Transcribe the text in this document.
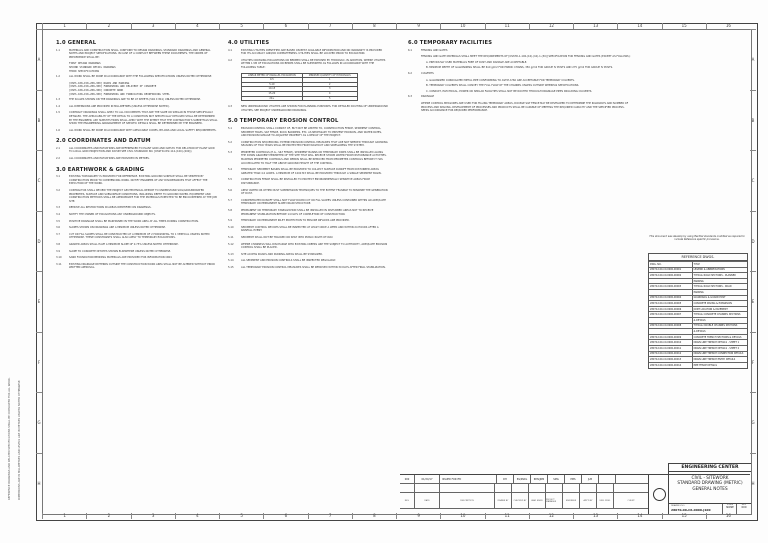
1	2	3	4	5	6	7	8	9	10	11	12	13	14	15	16
1	2	3	4	5	6	7	8	9	10	11	12	13	14	15	16
A
B
C
D
E
F
G
H
A
B
C
D
E
F
G
H
REFERENCE DRAWINGS AND RELATED SPECIFICATIONS SHALL BE CONSULTED FOR ALL WORK.	DIMENSIONS ARE IN MILLIMETRES AND LEVELS ARE IN METRES UNLESS NOTED OTHERWISE.
1.0 GENERAL
1.1	MATERIALS AND CONSTRUCTION SHALL CONFORM TO DESIGN DRAWINGS, STANDARD DRAWINGS AND GENERAL NOTES AND PROJECT SPECIFICATIONS. IN CASE OF A CONFLICT BETWEEN THESE DOCUMENTS, THE ORDER OF PRECEDENCE SHALL BE:
FIRST DESIGN DRAWINGS
SECOND STANDARD DETAIL DRAWINGS
THIRD SPECIFICATIONS
1.2	ALL WORK SHALL BE DONE IN ACCORDANCE WITH THE FOLLOWING SPECIFICATIONS UNLESS NOTED OTHERWISE:
[OSPS-100~150~200~300] ROADS AND PARKING
[OSPS-100~150~200~300] FURNISHING AND DELIVERY OF CONCRETE
[OSPS-100~150~200~300] CONCRETE WORK
[OSPS-100~150~200~300] FURNISHING AND FABRICATING REINFORCING STEEL
1.3	THE SCALES SHOWN ON THE DRAWINGS ARE TO BE AT SHEETS (594 X 841) UNLESS NOTED OTHERWISE.
1.4	ALL DIMENSIONS ARE PROVIDED IN MILLIMETRES (UNLESS OTHERWISE NOTED).
1.5	CONTRACT DRAWINGS SHALL APPLY TO ALL DOCUMENTS THAT ARE THE SAME OR SIMILAR IN THOSE SPECIFICALLY DETAILED. THE APPLICABILITY OF THE DETAIL TO A CONDITION NOT SPECIFICALLY DETAILED SHALL BE DETERMINED BY THE ENGINEER. ANY SUBSTITUTIONS SHALL APPLY WITH THE INTENT THAT THE CONTRACTOR'S SUBMITTALS SHALL SHOW THE ENGINEERING ARRANGEMENT OF SPECIFIC DETAILS SHALL BE DETERMINED BY THE ENGINEER.
1.6	ALL WORK SHALL BE DONE IN ACCORDANCE WITH APPLICABLE CODES, BYLAWS AND LOCAL SAFETY REQUIREMENTS.
2.0 COORDINATES AND DATUM
2.1	ALL COORDINATES AND ELEVATIONS ARE REFERENCED TO PLANT GRID AND DATUM. FOR RELATION OF PLANT GRID TO LOCAL GRID PROJECTION AND DATUM SEE CIVIL STANDARD NO. [OSSTD-CE2-114-(100)-(200)].
2.2	ALL COORDINATES AND ELEVATIONS ARE PROVIDED IN METRES.
3.0 EARTHWORK & GRADING
3.1	EXISTING TOPOGRAPHY IS PROVIDED FOR REFERENCE. EXISTING GROUND SURFACE SHALL BE VERIFIED BY CONSTRUCTION PRIOR TO COMMENCING WORK. NOTIFY ENGINEER OF ANY DISCREPANCIES THAT AFFECT THE EXECUTION OF THE WORK.
3.2	CONTRACTOR SHALL REVIEW THE PROJECT GEOTECHNICAL REPORT TO UNDERSTAND SOIL/GROUNDWATER PROPERTIES, SURFACE AND SUBSURFACE CONDITIONS, INCLUDING DEPTH TO GROUND WATER. EQUIPMENT AND CONSTRUCTION METHODS SHALL BE APPROPRIATE FOR THE MATERIALS EXPECTED TO BE ENCOUNTERED AT THE JOB SITE.
3.3	REMOVE ALL RESTRICTIONS IN AREAS IDENTIFIED ON DRAWINGS.
3.4	NOTIFY THE OWNER OF EXCAVATIONS ANY UNDERGROUND OBJECTS.
3.5	POSITIVE DRAINAGE SHALL BE MAINTAINED IN THE WORK AREA AT ALL TIMES DURING CONSTRUCTION.
3.6	SLOPES SHOWN ON DRAWINGS ARE A MINIMUM UNLESS NOTED OTHERWISE.
3.7	CUT OR FILL SLOPES SHALL BE CONSTRUCTED AT A MINIMUM OF 2 HORIZONTAL TO 1 VERTICAL UNLESS NOTED OTHERWISE. THESE CONSTRAINTS SHALL ALSO APPLY TO TEMPORARY EXCAVATIONS.
3.8	GRADED AREAS SHALL HAVE A MINIMUM SLOPE OF 0.75% UNLESS NOTED OTHERWISE.
3.9	SLOPE TO CONCRETE DITCHES SHOWN ELSEWHERE UNLESS NOTED OTHERWISE.
3.10	SAND FOUNDATION BEDDING MATERIALS ARE PROVIDED FOR INFORMATION ONLY.
3.11	EXISTING DRAINAGE PATTERNS OUTSIDE THE CONSTRUCTION WORK AREA SHALL NOT BE ALTERED WITHOUT PRIOR WRITTEN APPROVAL.
4.0 UTILITIES
4.1	EXISTING UTILITIES IDENTIFIED ARE BASED ON BEST AVAILABLE INFORMATION AND NO WARRANTY IS PROVIDED FOR ITS ACCURACY AND/OR COMPLETENESS. UTILITIES SHALL BE LOCATED PRIOR TO EXCAVATION.
4.2	UTILITIES CROSSING EXCAVATIONS OR BERMED SHALL BE EXPOSED BY HYDROVAC. IN ADDITION, WHERE UTILITIES WITHIN 1.5M OF EXCAVATIONS OR BERMS SHALL BE SUPPORTED AS FOLLOWS IN ACCORDANCE WITH THE FOLLOWING TABLE:
LINEAR METER OF PARALLEL EXCAVATION	MINIMUM QUANTITY OF HYDROVACS
0-5	1
5-10	2
10-15	3
15-20	4
20+	5
4.3	NEW UNDERGROUND UTILITIES ARE SHOWN FOR PLANNING PURPOSES. FOR DETAILED ROUTING OF UNDERGROUND UTILITIES, SEE PROJECT UNDERGROUND DRAWINGS.
5.0 TEMPORARY EROSION CONTROL
5.1	EROSION CONTROL SHALL CONSIST OF, BUT NOT BE LIMITED TO, CONSTRUCTION FENCE, SEDIMENT CONTROL, SEDIMENT TRAPS, SILT FENCE, ROCK BARRIERS, ETC. AS NECESSARY TO PREVENT EROSION, AND WATER RATES, AND EROSION DAMAGE TO ADJACENT PROPERTY AS A RESULT OF THE PROJECT.
5.2	CONSTRUCTION SEQUENCING: EXTEND EROSION CONTROL MEASURES THAT ARE NOT NEEDED THROUGH GROWING SEASONS OF TWO YEARS SHALL BE PROTECTED FROM WASHOUT AND SIDESLOPING THE SYSTEM.
5.3	PERIMETER CONTROLS (E.G., SILT FENCE), SEDIMENT BASINS OR TEMPORARY DIKES SHALL BE INSTALLED ALONG THE DOWN GRADIENT PERIMETER OF THE SITE THAT WILL RECEIVE STORM WATER FROM DISTURBANCE ACTIVITIES. MAINTAIN PERIMETER CONTROLS AND DEBRIS SHALL BE REMOVED FROM PERIMETER CONTROLS BEFORE IT HAS ACCUMULATED TO HALF THE ABOVE GROUND HEIGHT OF THE CONTROL.
5.4	TEMPORARY SEDIMENT BASINS SHALL BE PROVIDED TO COLLECT SURFACE RUNOFF FROM DISTURBED AREAS GREATER THAN 4.0 ACRES. A MINIMUM OF 1000 M3 SHALL BE PROVIDED THROUGH A SINGLE SEDIMENT BASIN.
5.5	CONSTRUCTION FENCE SHALL BE INSTALLED TO PROTECT ENVIRONMENTALLY SENSITIVE AREAS FROM DISTURBANCE.
5.6	APPLY WATER OR OTHER DUST SUPPRESSION TECHNIQUES TO THE EXTENT FEASIBLE TO MINIMIZE THE GENERATION OF DUST.
5.7	CONCENTRATED RUNOFF SHALL NOT FLOW DOWN CUT OR FILL SLOPES UNLESS CONTAINED WITHIN AN ADEQUATE TEMPORARY OR PERMANENT SLOPE DRAIN STRUCTURE.
5.8	PERMANENT OR TEMPORARY STABILIZATION SHALL BE INSTALLED IN DISTURBED AREAS NOT TO RECEIVE PERMANENT STABILIZATION BEFORE 14 DAYS OF COMPLETION OF CONSTRUCTION.
5.9	TEMPORARY OR PERMANENT INLET PROTECTION TO ENSURE INFLOWS ARE PROVIDED.
5.10	SEDIMENT CONTROL DEVICES SHALL BE INSPECTED AT LEAST ONCE A WEEK AND WITHIN 24 HOURS AFTER A RAINFALL EVENT.
5.11	SEDIMENT SHALL NOT BE TRACKED OR SPILT INTO PUBLIC RIGHT-OF-WAY.
5.12	WHERE CHANNELS WILL DISCHARGE INTO EXISTING CREEKS ARE THE SUBJECT TO AUTHORITY, ADEQUATE EROSION CONTROL SHALL BE PLACED.
5.13	SITE ACCESS ROADS AND PARKING AREAS SHALL BE STABILIZED.
5.14	ALL SEDIMENT AND EROSION CONTROLS SHALL BE INSPECTED REGULARLY.
5.15	ALL TEMPORARY EROSION CONTROL MEASURES SHALL BE REMOVED WITHIN 30 DAYS AFTER FINAL STABILIZATION.
6.0 TEMPORARY FACILITIES
6.1	FENCING AND GATES
FENCING AND GATE MATERIALS SHALL MEET THE REQUIREMENTS OF [OSSTD-1-100-(10)-(10)-1-(30)] SPECIFICATION FOR FENCING AND GATES (EXCEPT AS FOLLOWS):
A. PREVIOUSLY USED MATERIALS FREE OF RUST AND DAMAGE ARE ACCEPTABLE.
B. MINIMUM DEPTH OF GALVANIZING SHALL BE 610 g/m2 FOR FABRIC CHAINS, 350 g/m2 FOR GROUP IV POSTS AND 275 g/m2 FOR GROUP IV POSTS.
6.2	CULVERTS
A. GALVANIZED CORRUGATED METAL PIPE CONFORMING TO ASTM A760 ARE ACCEPTABLE FOR TEMPORARY CULVERTS.
B. TEMPORARY CULVERTS SHALL CONVEY THE FULL FLOW OF THE CHANNEL UNLESS OUTSIDE WHEREAS SPECIFICATIONS.
C. CONDUIT, ELECTRICAL, POWER OR SIMILAR FACILITIES SHALL NOT BE ROUTED THROUGH DRAINAGE PIPES INCLUDING CULVERTS.
6.3	DRAINAGE
WHERE CONTROL MEASURES ARE USED FOR FILLING TEMPORARY AREAS, DOUBLE SILT FENCE MAY BE DEVELOPED TO DETERMINE THE ROADWAYS AND NUMBER OF PROCESS AND SPACING. DEVELOPMENT OF PROCESSES AND PRODUCTS SHALL BE CAPABLE OF MEETING THE REQUIRED CAPACITY AND THE SPECIFIED PROCESS. SEEKS ACCORDANCE FOR REQUIRED PERFORMANCE.
This document was develop by using Bechtel standards modified as required to include Reference specific provisions.
REFERENCE DWGS.
DWG. NO.	TITLE
28070-100-C0-0000-00001	LEGEND & ABBREVIATIONS
28070-100-C0-0000-00002	TYPICAL ROAD SECTIONS - PLANNED
	PARKING
28070-100-C0-0000-00003	TYPICAL ROAD SECTIONS - ROAD
	PARKING
28070-100-C0-0000-00004	GUARDRAIL & GUARD POST
28070-100-C0-0000-00005	CONCRETE PAVING & EXPANSION
28070-100-C0-0000-00006	JOINT LOCATION & PAVEMENT
28070-100-C0-0000-00007	TYPICAL CONCRETE CHANNEL SECTIONS
	& DETAILS
28070-100-C0-0000-00008	TYPICAL DOUBLE CHANNEL SECTIONS
	& DETAILS
28070-100-C0-0000-00009	CONCRETE TRENCH SECTIONS & DETAILS
28070-100-C0-0000-00010	DRAIN LINE TRENCH DETAILS - SHEET 1
28070-100-C0-0000-00011	DRAIN LINE TRENCH DETAILS - SHEET 2
28070-100-C0-0000-00012	DRAIN LINE TRENCH CONNECTION DETAILS
28070-100-C0-0000-00013	DRAIN LINE TRENCH ENTRY DETAILS
28070-100-C0-0000-00014	PIPE FENCE DETAILS
000	01/XX/17	ISSUED FOR IFD	DH	PG/RSDL	RMS/JRM	SMG	PMS	JLM
REV.	DATE	DESCRIPTION	DRAWN BY	CHECKED BY	LEAD ENGR.	PROJECT MANAGER	ENGINEER	APP'D BY	ENG. MGR.	CLIENT
ENGINEERING CENTER
CIVIL - SITEWORK
STANDARD DRAWING (METRIC)
GENERAL NOTES
DRAWING NO.
28070-00-C6-0000-J100
SCALE
NONE
REV.
000
